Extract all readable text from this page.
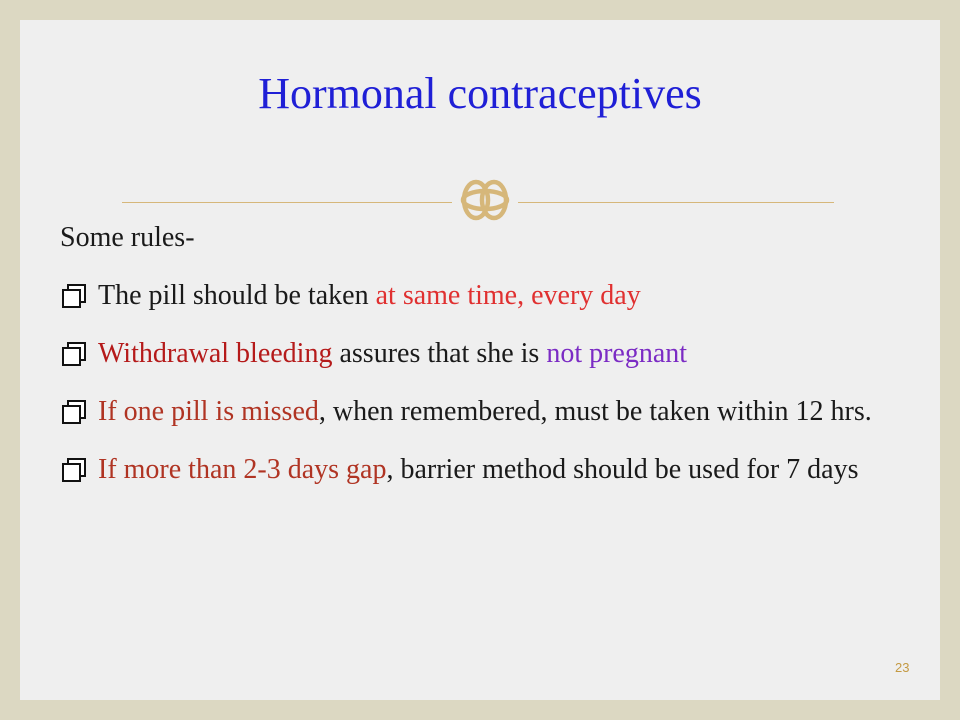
Hormonal contraceptives

Some rules-

The pill should be taken at same time, every day
Withdrawal bleeding assures that she is not pregnant
If one pill is missed, when remembered, must be taken within 12 hrs.
If more than 2-3 days gap, barrier method should be used for 7 days
23
